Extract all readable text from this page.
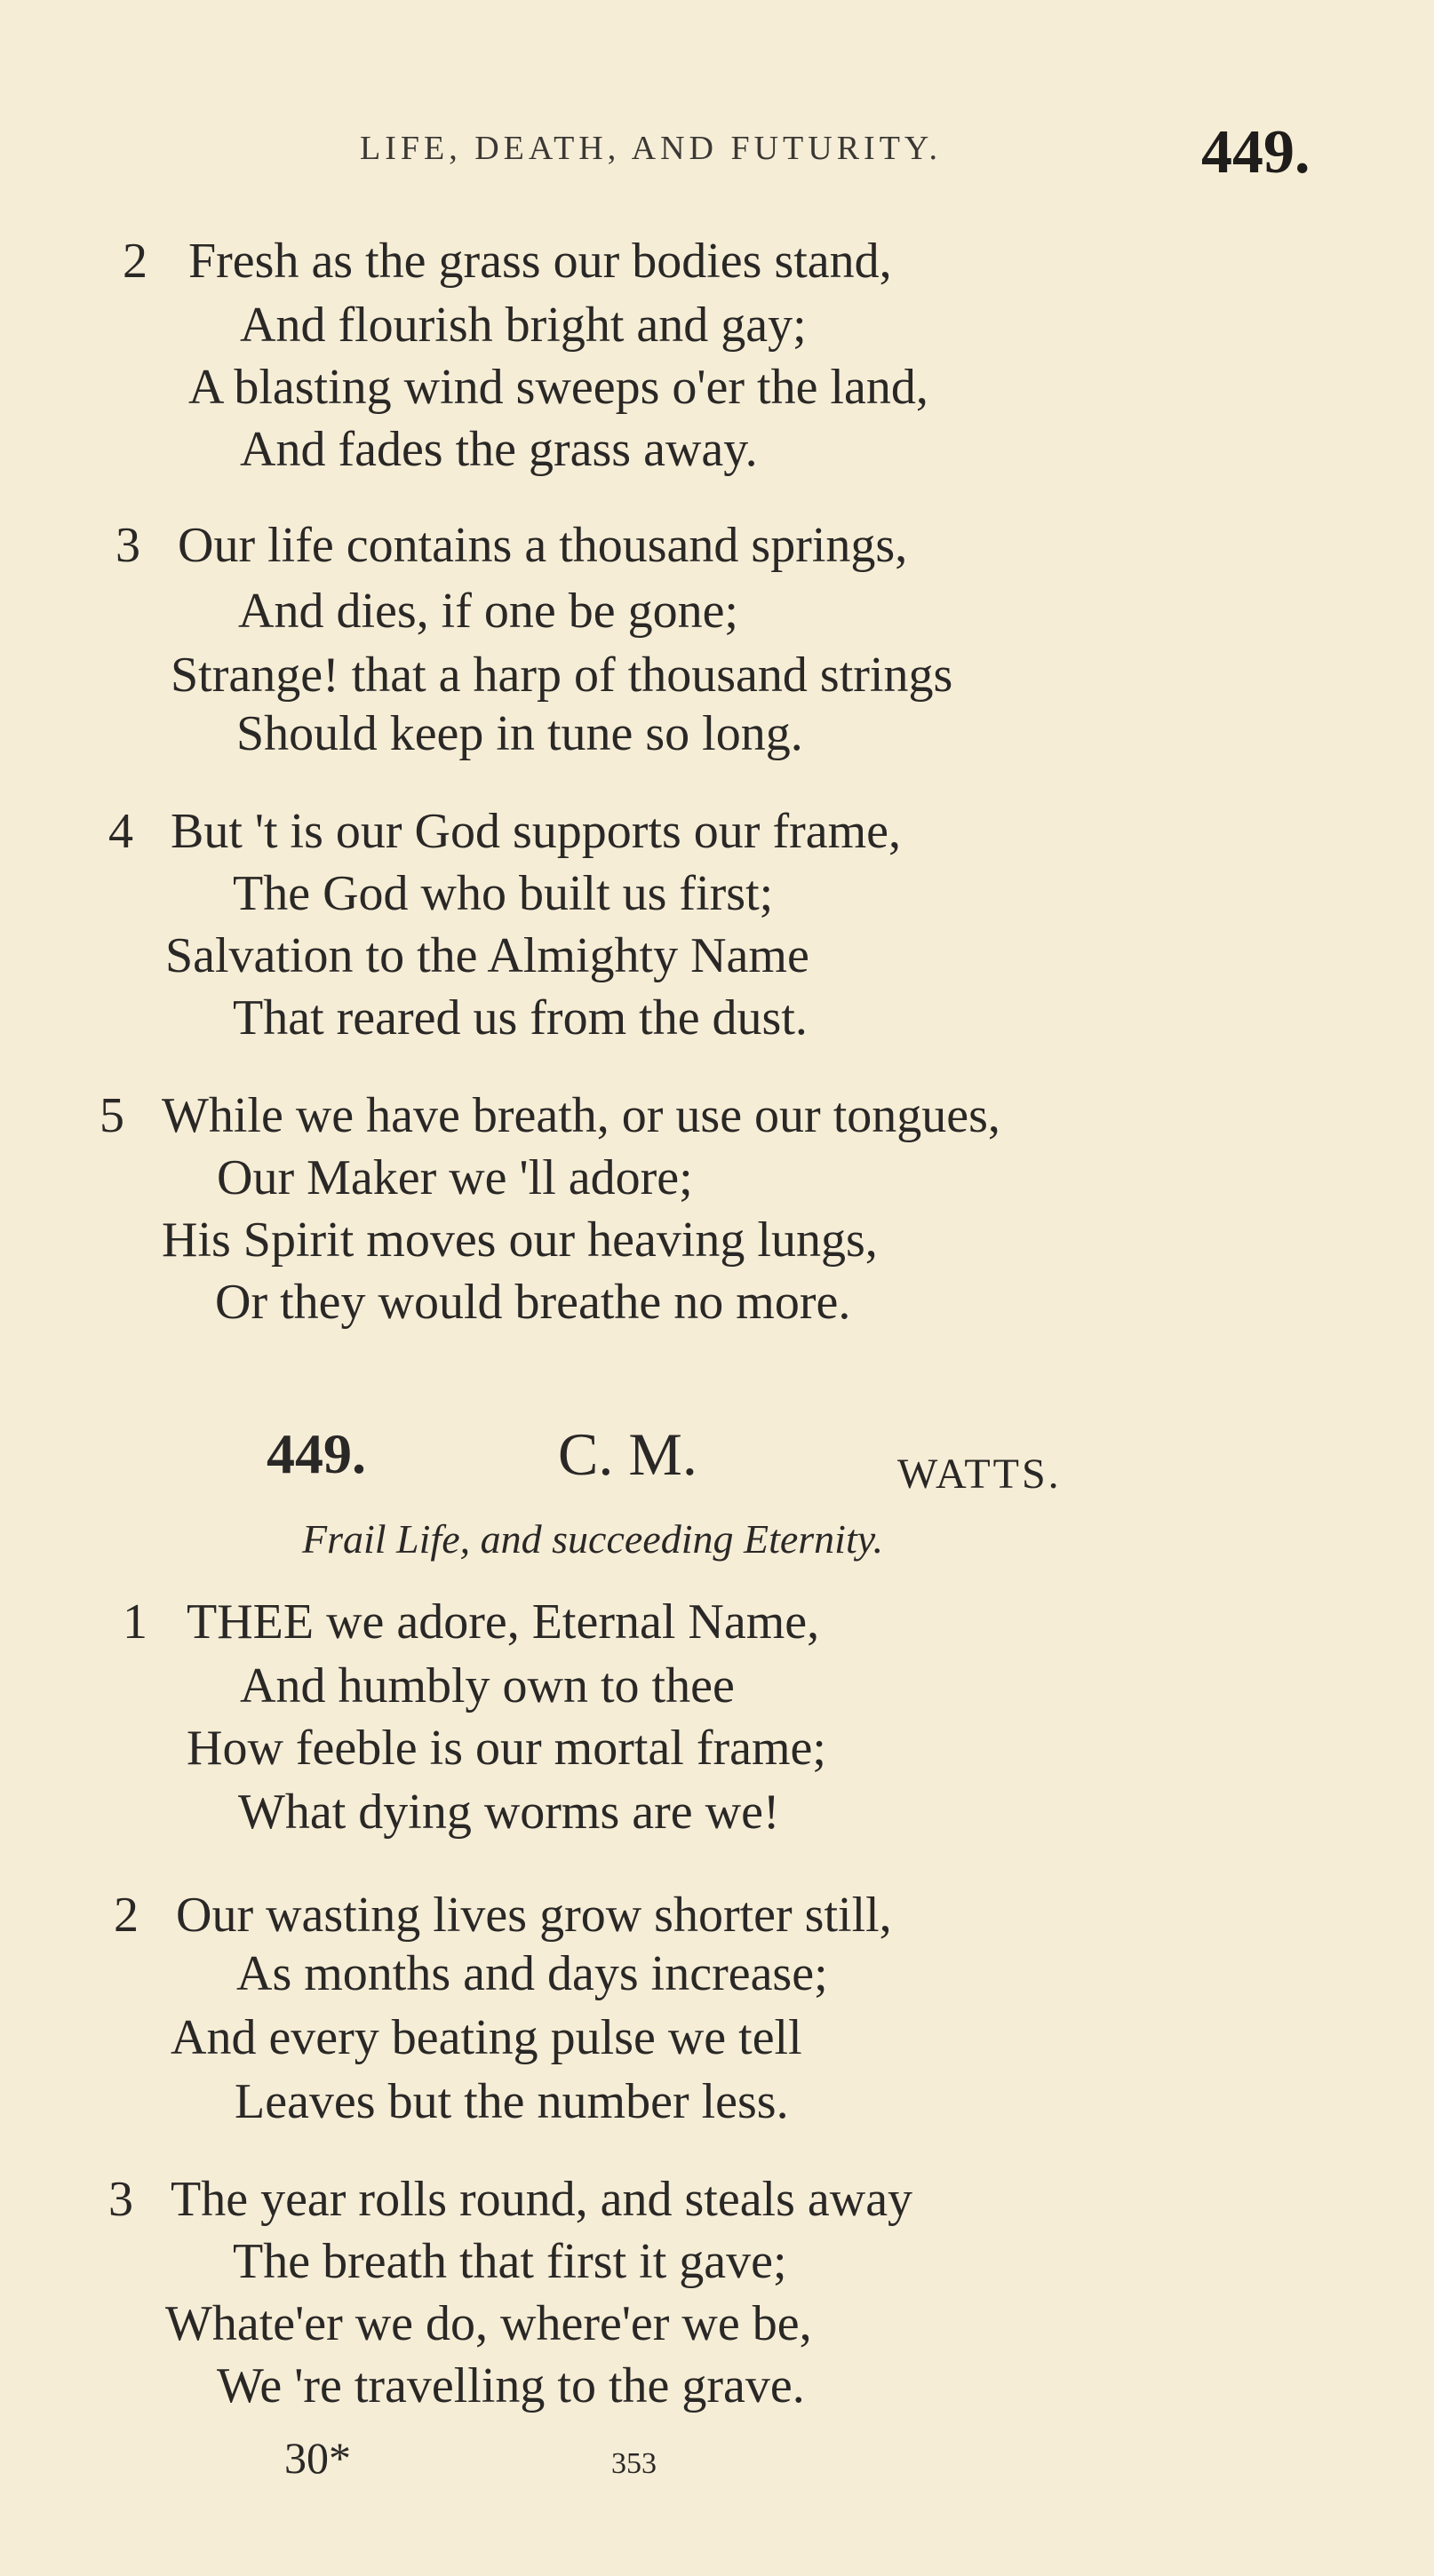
LIFE, DEATH, AND FUTURITY.	449.
2 Fresh as the grass our bodies stand,
And flourish bright and gay;
A blasting wind sweeps o'er the land,
And fades the grass away.
3 Our life contains a thousand springs,
And dies, if one be gone;
Strange! that a harp of thousand strings
Should keep in tune so long.
4 But 't is our God supports our frame,
The God who built us first;
Salvation to the Almighty Name
That reared us from the dust.
5 While we have breath, or use our tongues,
Our Maker we 'll adore;
His Spirit moves our heaving lungs,
Or they would breathe no more.
449.	C. M.	WATTS.
Frail Life, and succeeding Eternity.
1 THEE we adore, Eternal Name,
And humbly own to thee
How feeble is our mortal frame;
What dying worms are we!
2 Our wasting lives grow shorter still,
As months and days increase;
And every beating pulse we tell
Leaves but the number less.
3 The year rolls round, and steals away
The breath that first it gave;
Whate'er we do, where'er we be,
We 're travelling to the grave.
30*	353
